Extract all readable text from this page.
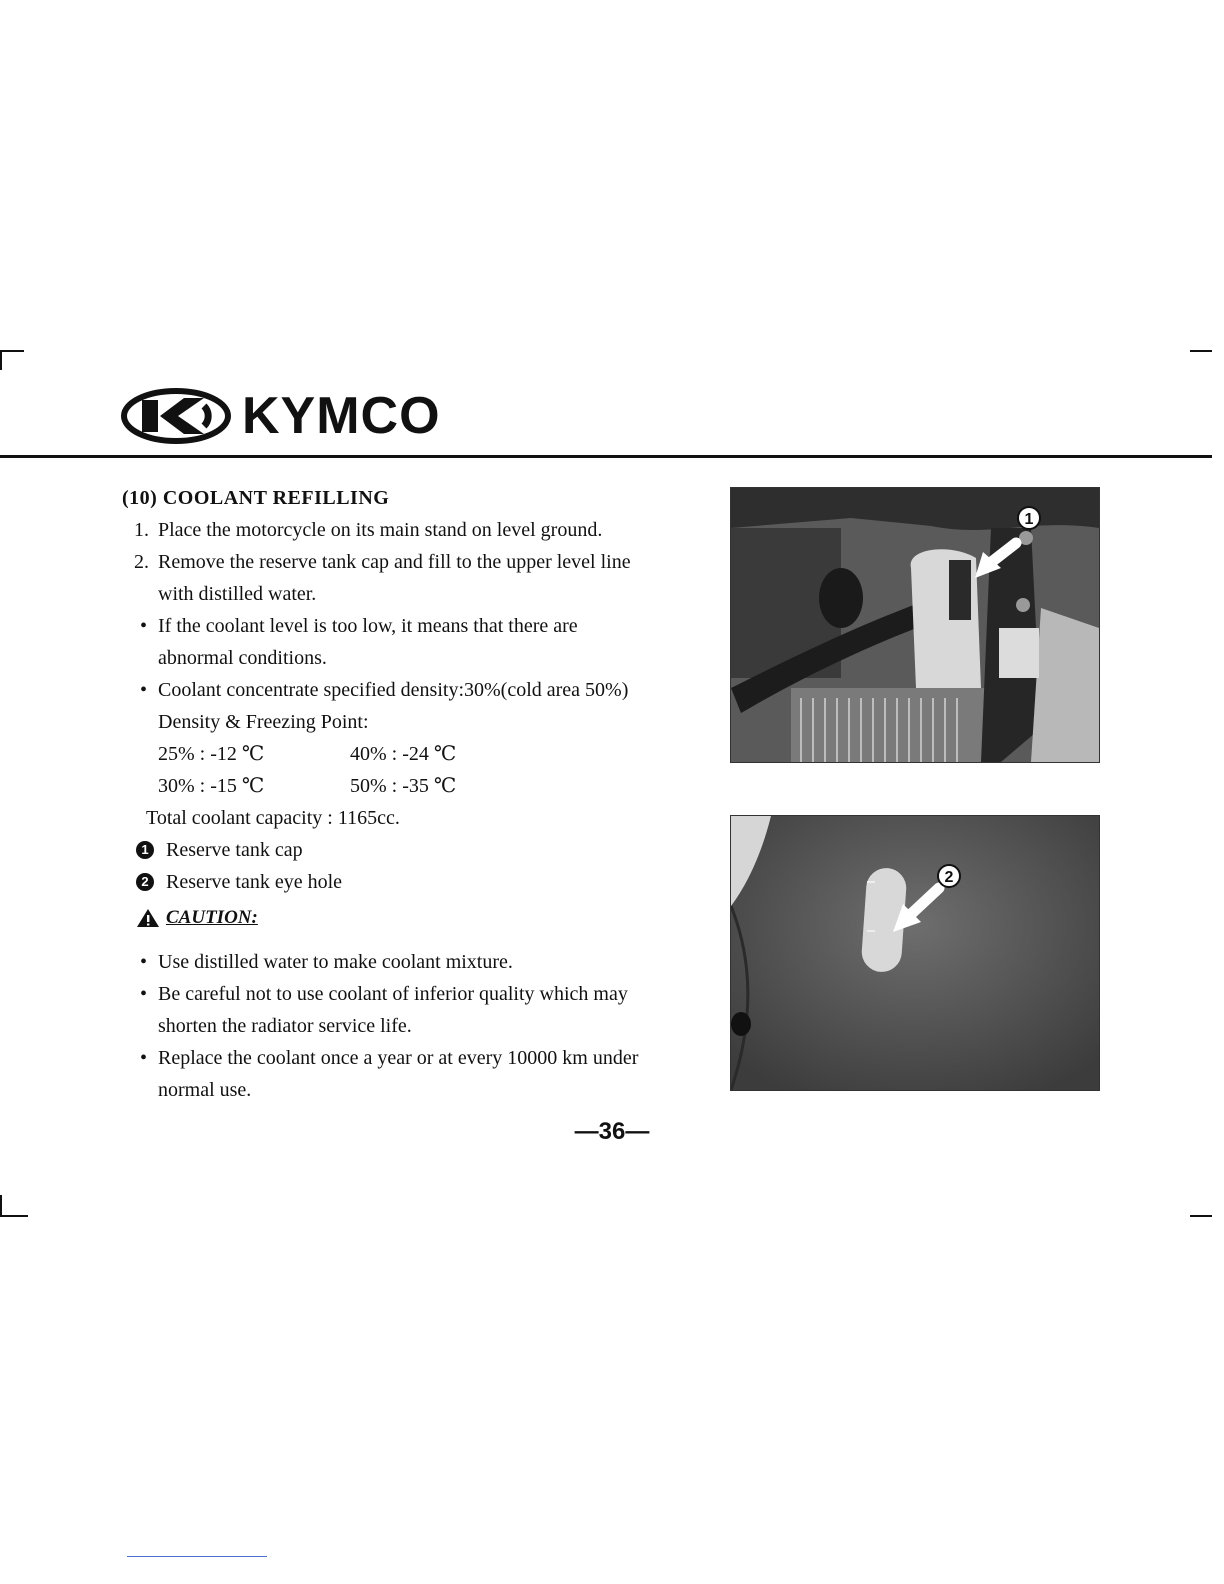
KYMCO
(10) COOLANT REFILLING
1. Place the motorcycle on its main stand on level ground.
2. Remove the reserve tank cap and fill to the upper level line
with distilled water.
• If the coolant level is too low, it means that there are
abnormal conditions.
• Coolant concentrate specified density:30%(cold area 50%)
Density & Freezing Point:
25% : -12 ℃	40% : -24 ℃
30% : -15 ℃	50% : -35 ℃
Total coolant capacity : 1165cc.
1 Reserve tank cap
2 Reserve tank eye hole
CAUTION:
• Use distilled water to make coolant mixture.
• Be careful not to use coolant of inferior quality which may
shorten the radiator service life.
• Replace the coolant once a year or at every 10000 km under
normal use.
1
2
—36—
